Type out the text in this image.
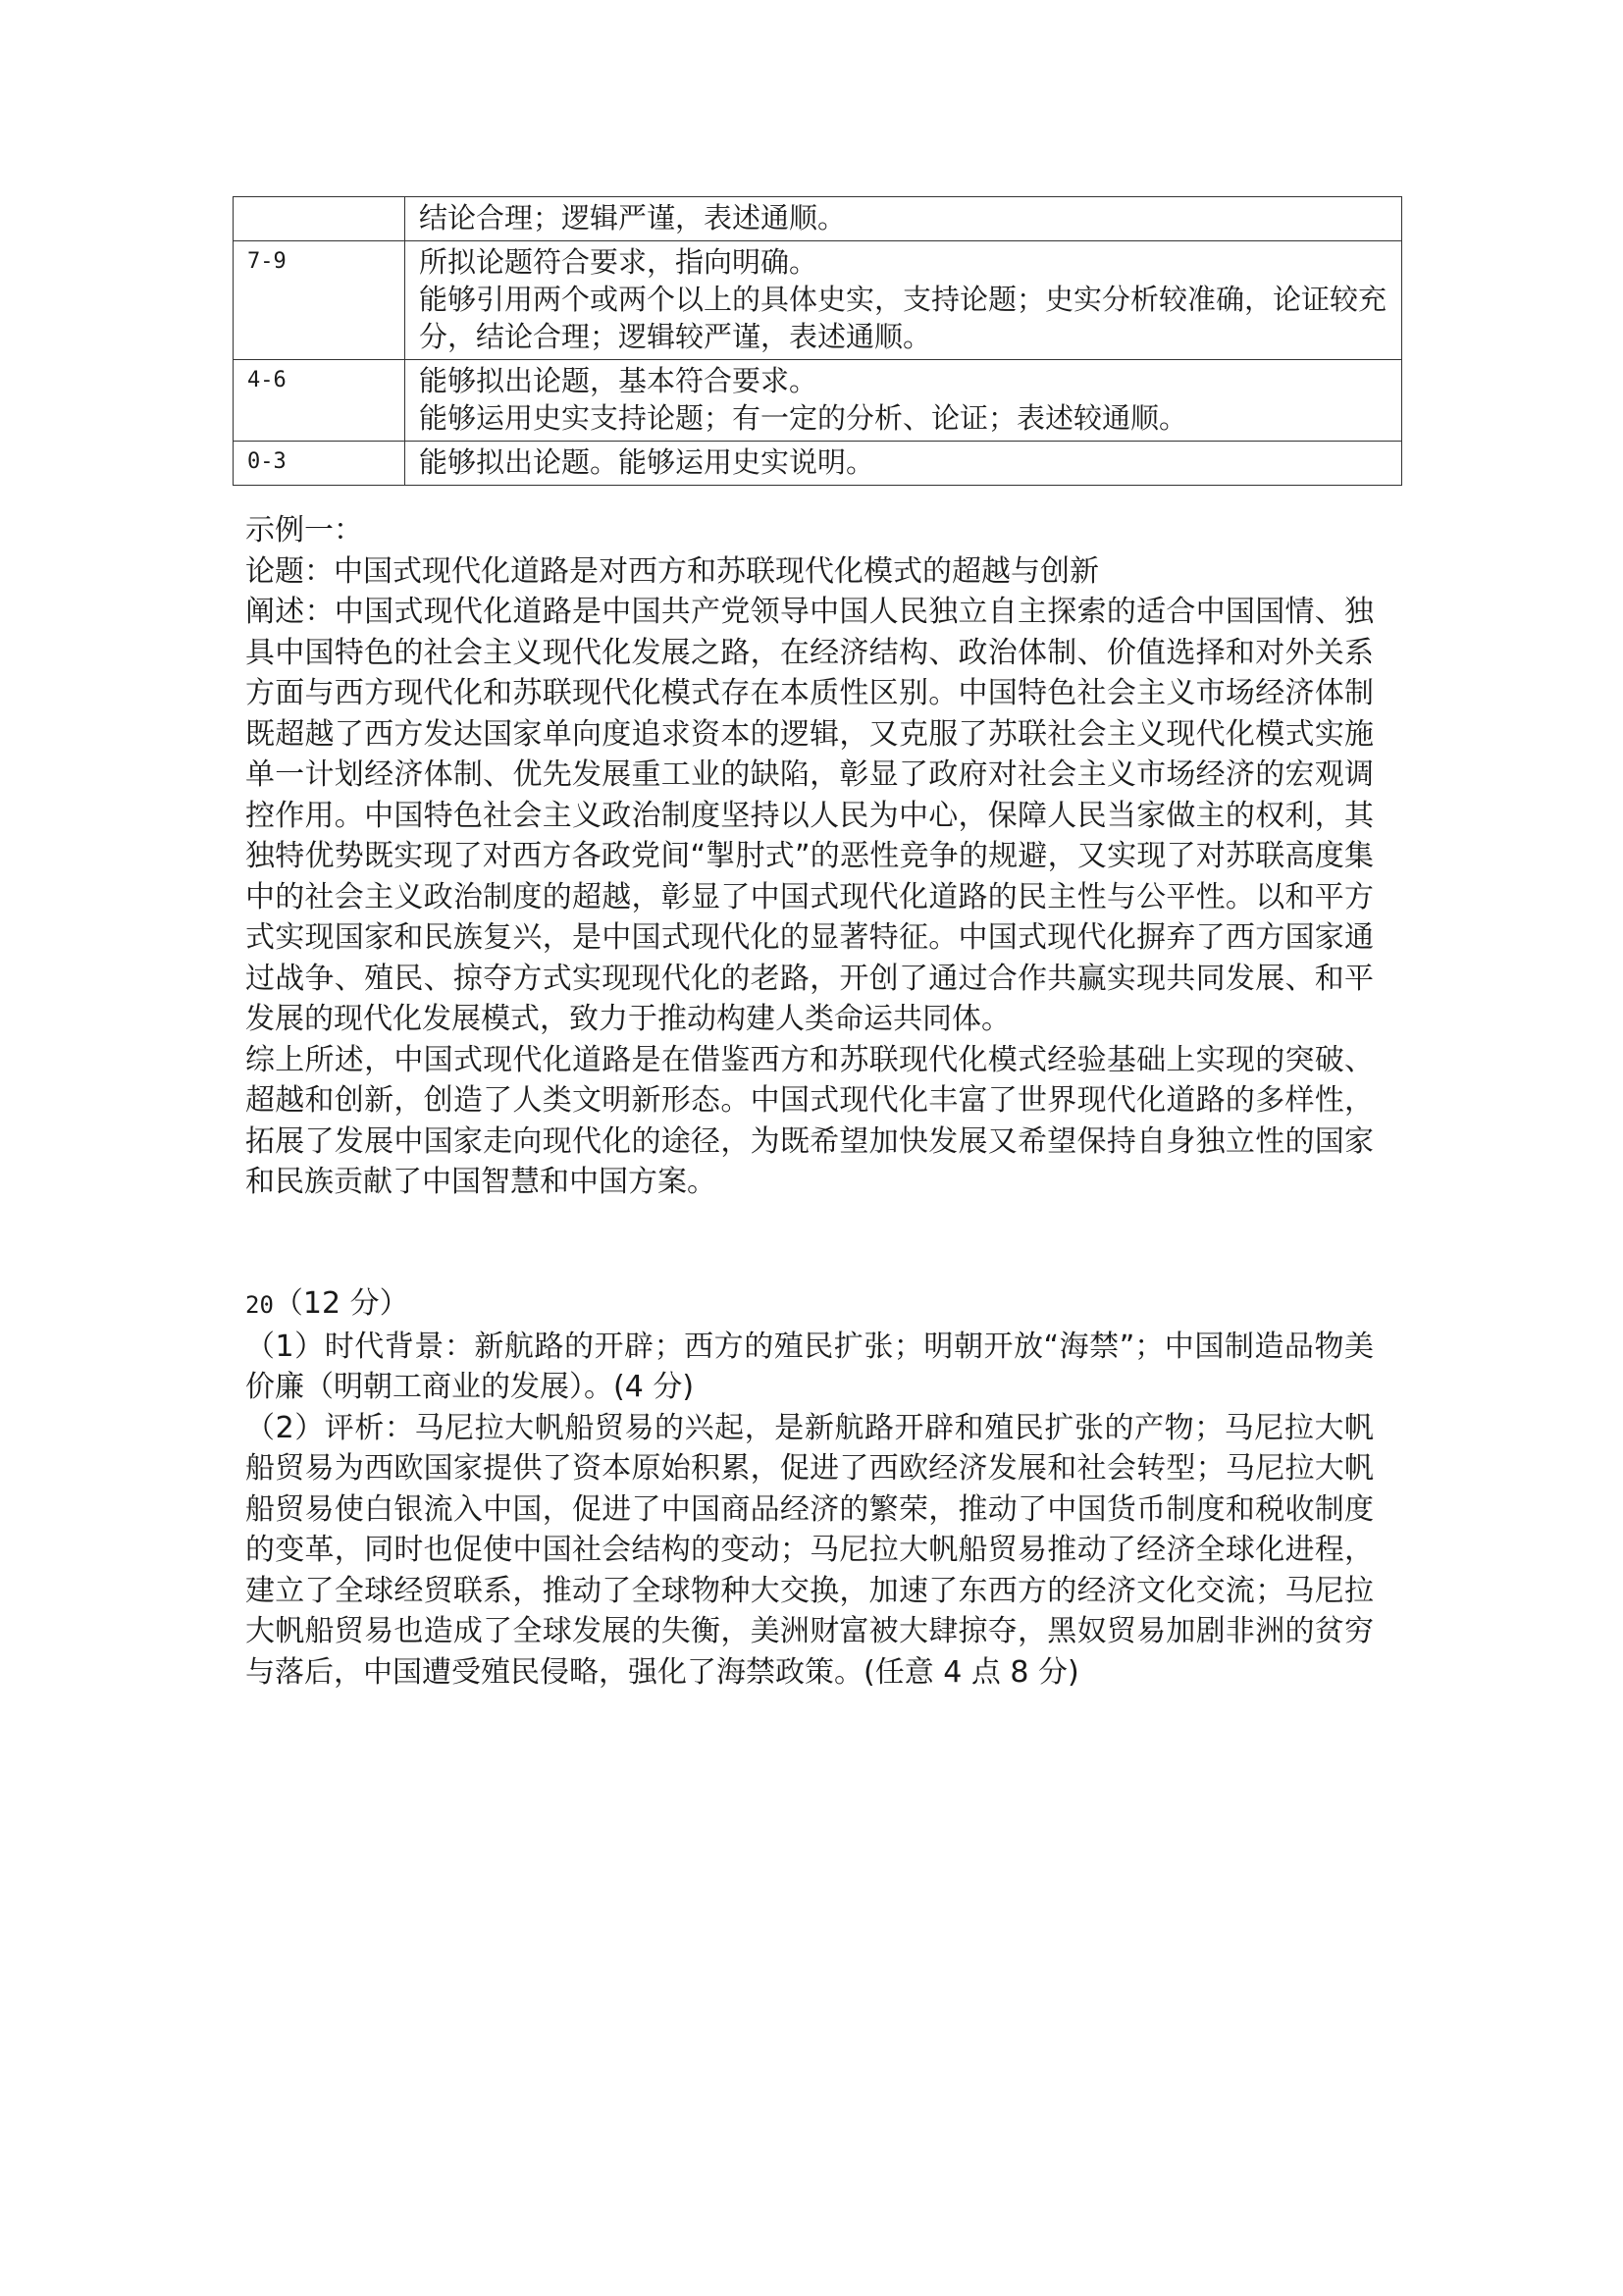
	结论合理；逻辑严谨，表述通顺。

7-9	所拟论题符合要求，指向明确。
能够引用两个或两个以上的具体史实，支持论题；史实分析较准确，论证较充
分，结论合理；逻辑较严谨，表述通顺。

4-6	能够拟出论题，基本符合要求。
能够运用史实支持论题；有一定的分析、论证；表述较通顺。

0-3	能够拟出论题。能够运用史实说明。

示例一：

论题：中国式现代化道路是对西方和苏联现代化模式的超越与创新

阐述：中国式现代化道路是中国共产党领导中国人民独立自主探索的适合中国国情、独具中国特色的社会主义现代化发展之路，在经济结构、政治体制、价值选择和对外关系方面与西方现代化和苏联现代化模式存在本质性区别。中国特色社会主义市场经济体制既超越了西方发达国家单向度追求资本的逻辑，又克服了苏联社会主义现代化模式实施单一计划经济体制、优先发展重工业的缺陷，彰显了政府对社会主义市场经济的宏观调控作用。中国特色社会主义政治制度坚持以人民为中心，保障人民当家做主的权利，其独特优势既实现了对西方各政党间“掣肘式”的恶性竞争的规避，又实现了对苏联高度集中的社会主义政治制度的超越，彰显了中国式现代化道路的民主性与公平性。以和平方式实现国家和民族复兴，是中国式现代化的显著特征。中国式现代化摒弃了西方国家通过战争、殖民、掠夺方式实现现代化的老路，开创了通过合作共赢实现共同发展、和平发展的现代化发展模式，致力于推动构建人类命运共同体。

综上所述，中国式现代化道路是在借鉴西方和苏联现代化模式经验基础上实现的突破、超越和创新，创造了人类文明新形态。中国式现代化丰富了世界现代化道路的多样性，拓展了发展中国家走向现代化的途径，为既希望加快发展又希望保持自身独立性的国家和民族贡献了中国智慧和中国方案。

20（12 分）

（1）时代背景：新航路的开辟；西方的殖民扩张；明朝开放“海禁”；中国制造品物美价廉（明朝工商业的发展）。(4 分)

（2）评析：马尼拉大帆船贸易的兴起，是新航路开辟和殖民扩张的产物；马尼拉大帆船贸易为西欧国家提供了资本原始积累，促进了西欧经济发展和社会转型；马尼拉大帆船贸易使白银流入中国，促进了中国商品经济的繁荣，推动了中国货币制度和税收制度的变革，同时也促使中国社会结构的变动；马尼拉大帆船贸易推动了经济全球化进程，建立了全球经贸联系，推动了全球物种大交换，加速了东西方的经济文化交流；马尼拉大帆船贸易也造成了全球发展的失衡，美洲财富被大肆掠夺，黑奴贸易加剧非洲的贫穷与落后，中国遭受殖民侵略，强化了海禁政策。(任意 4 点 8 分)
